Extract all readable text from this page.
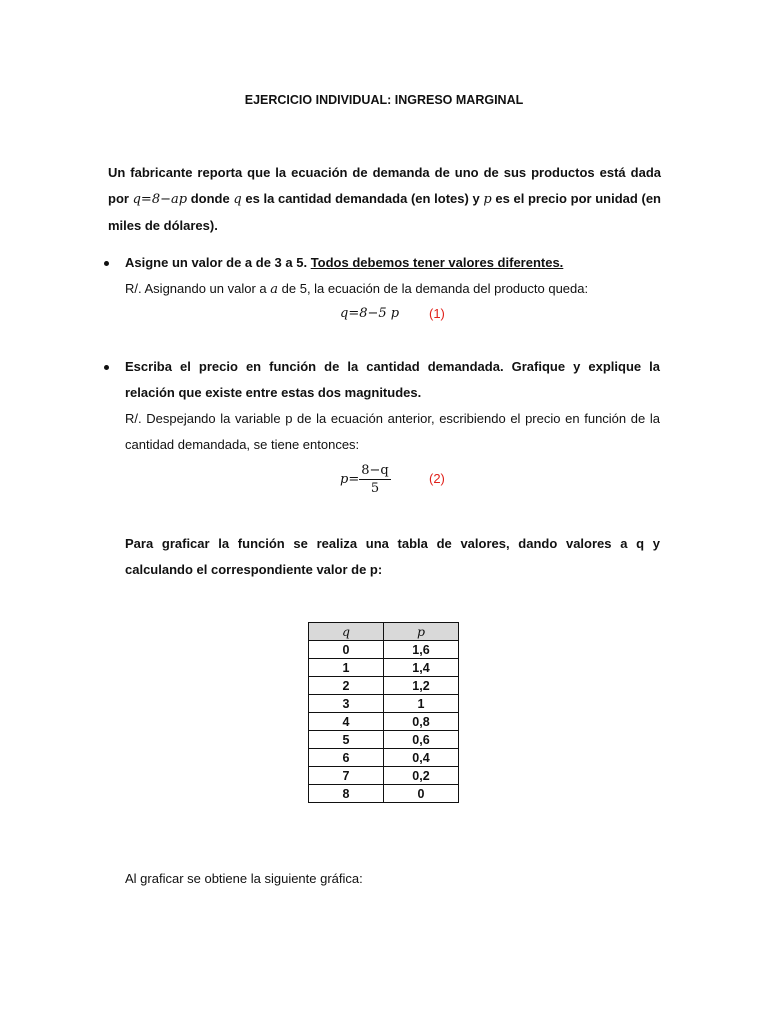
EJERCICIO INDIVIDUAL: INGRESO MARGINAL
Un fabricante reporta que la ecuación de demanda de uno de sus productos está dada por q=8−ap donde q es la cantidad demandada (en lotes) y p es el precio por unidad (en miles de dólares).
Asigne un valor de a de 3 a 5. Todos debemos tener valores diferentes.
R/. Asignando un valor a a de 5, la ecuación de la demanda del producto queda:
q=8−5 p (1)
Escriba el precio en función de la cantidad demandada. Grafique y explique la relación que existe entre estas dos magnitudes.
R/. Despejando la variable p de la ecuación anterior, escribiendo el precio en función de la cantidad demandada, se tiene entonces:
$p= \frac{8-q}{5}$	(2)
Para graficar la función se realiza una tabla de valores, dando valores a q y calculando el correspondiente valor de p:
q	p
0	1,6
1	1,4
2	1,2
3	1
4	0,8
5	0,6
6	0,4
7	0,2
8	0
Al graficar se obtiene la siguiente gráfica:
